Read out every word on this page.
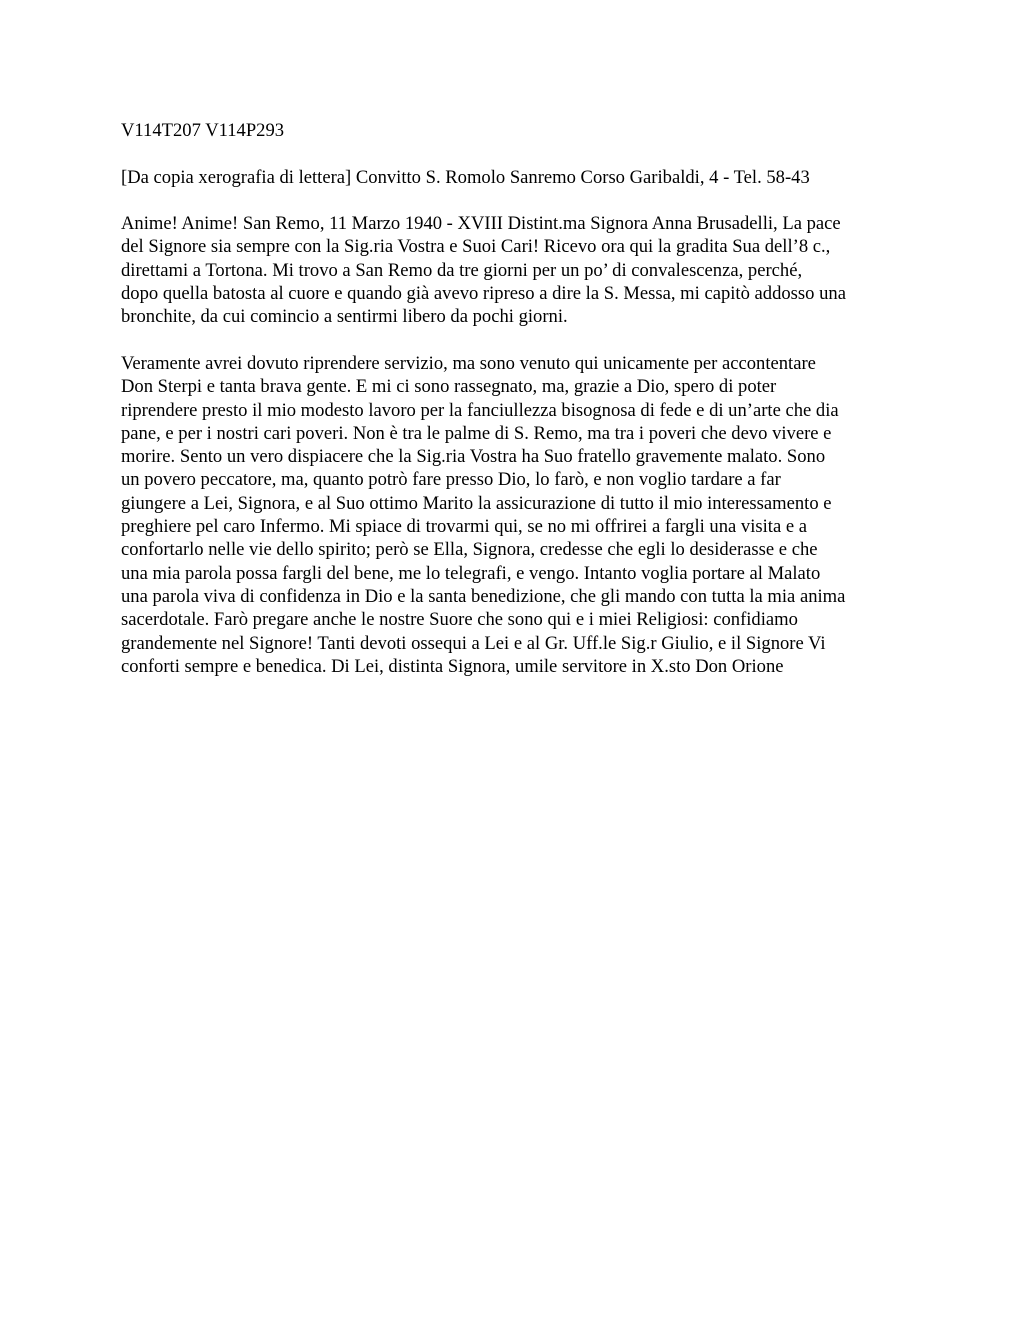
V114T207 V114P293

[Da copia xerografia di lettera] Convitto S. Romolo Sanremo Corso Garibaldi, 4 - Tel. 58-43

Anime! Anime! San Remo, 11 Marzo 1940 - XVIII Distint.ma Signora Anna Brusadelli, La pace
del Signore sia sempre con la Sig.ria Vostra e Suoi Cari! Ricevo ora qui la gradita Sua dell’8 c.,
direttami a Tortona. Mi trovo a San Remo da tre giorni per un po’ di convalescenza, perché,
dopo quella batosta al cuore e quando già avevo ripreso a dire la S. Messa, mi capitò addosso una
bronchite, da cui comincio a sentirmi libero da pochi giorni.

Veramente avrei dovuto riprendere servizio, ma sono venuto qui unicamente per accontentare
Don Sterpi e tanta brava gente. E mi ci sono rassegnato, ma, grazie a Dio, spero di poter
riprendere presto il mio modesto lavoro per la fanciullezza bisognosa di fede e di un’arte che dia
pane, e per i nostri cari poveri. Non è tra le palme di S. Remo, ma tra i poveri che devo vivere e
morire. Sento un vero dispiacere che la Sig.ria Vostra ha Suo fratello gravemente malato. Sono
un povero peccatore, ma, quanto potrò fare presso Dio, lo farò, e non voglio tardare a far
giungere a Lei, Signora, e al Suo ottimo Marito la assicurazione di tutto il mio interessamento e
preghiere pel caro Infermo. Mi spiace di trovarmi qui, se no mi offrirei a fargli una visita e a
confortarlo nelle vie dello spirito; però se Ella, Signora, credesse che egli lo desiderasse e che
una mia parola possa fargli del bene, me lo telegrafi, e vengo. Intanto voglia portare al Malato
una parola viva di confidenza in Dio e la santa benedizione, che gli mando con tutta la mia anima
sacerdotale. Farò pregare anche le nostre Suore che sono qui e i miei Religiosi: confidiamo
grandemente nel Signore! Tanti devoti ossequi a Lei e al Gr. Uff.le Sig.r Giulio, e il Signore Vi
conforti sempre e benedica. Di Lei, distinta Signora, umile servitore in X.sto Don Orione
